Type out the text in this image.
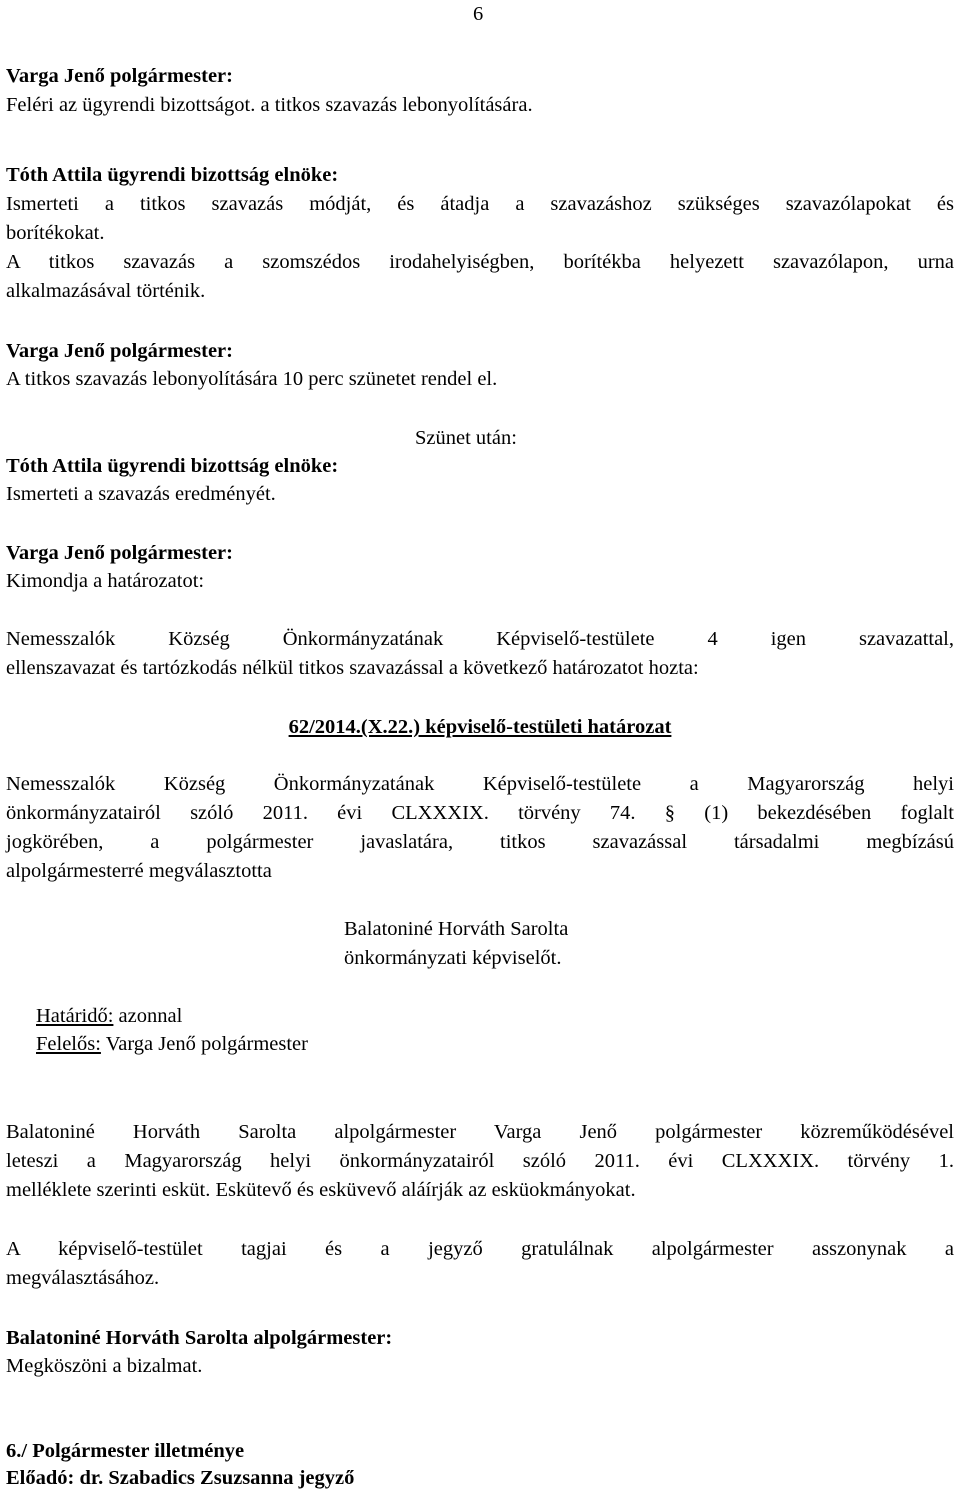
6
Varga Jenő polgármester:
Feléri az ügyrendi bizottságot. a titkos szavazás lebonyolítására.
Tóth Attila ügyrendi bizottság elnöke:
Ismerteti a titkos szavazás módját, és átadja a szavazáshoz szükséges szavazólapokat és
borítékokat.
A titkos szavazás a szomszédos irodahelyiségben, borítékba helyezett szavazólapon, urna
alkalmazásával történik.
Varga Jenő polgármester:
A titkos szavazás lebonyolítására 10 perc szünetet rendel el.
Szünet után:
Tóth Attila ügyrendi bizottság elnöke:
Ismerteti a szavazás eredményét.
Varga Jenő polgármester:
Kimondja a határozatot:
Nemesszalók Község Önkormányzatának Képviselő-testülete 4 igen szavazattal,
ellenszavazat és tartózkodás nélkül titkos szavazással a következő határozatot hozta:
62/2014.(X.22.) képviselő-testületi határozat
Nemesszalók Község Önkormányzatának Képviselő-testülete a Magyarország helyi
önkormányzatairól szóló 2011. évi CLXXXIX. törvény 74. § (1) bekezdésében foglalt
jogkörében, a polgármester javaslatára, titkos szavazással társadalmi megbízású
alpolgármesterré megválasztotta
Balatoniné Horváth Sarolta
önkormányzati képviselőt.
Határidő: azonnal
Felelős: Varga Jenő polgármester
Balatoniné Horváth Sarolta alpolgármester Varga Jenő polgármester közreműködésével
leteszi a Magyarország helyi önkormányzatairól szóló 2011. évi CLXXXIX. törvény 1.
melléklete szerinti esküt. Eskütevő és esküvevő aláírják az esküokmányokat.
A képviselő-testület tagjai és a jegyző gratulálnak alpolgármester asszonynak a
megválasztásához.
Balatoniné Horváth Sarolta alpolgármester:
Megköszöni a bizalmat.
6./ Polgármester illetménye
Előadó: dr. Szabadics Zsuzsanna jegyző
